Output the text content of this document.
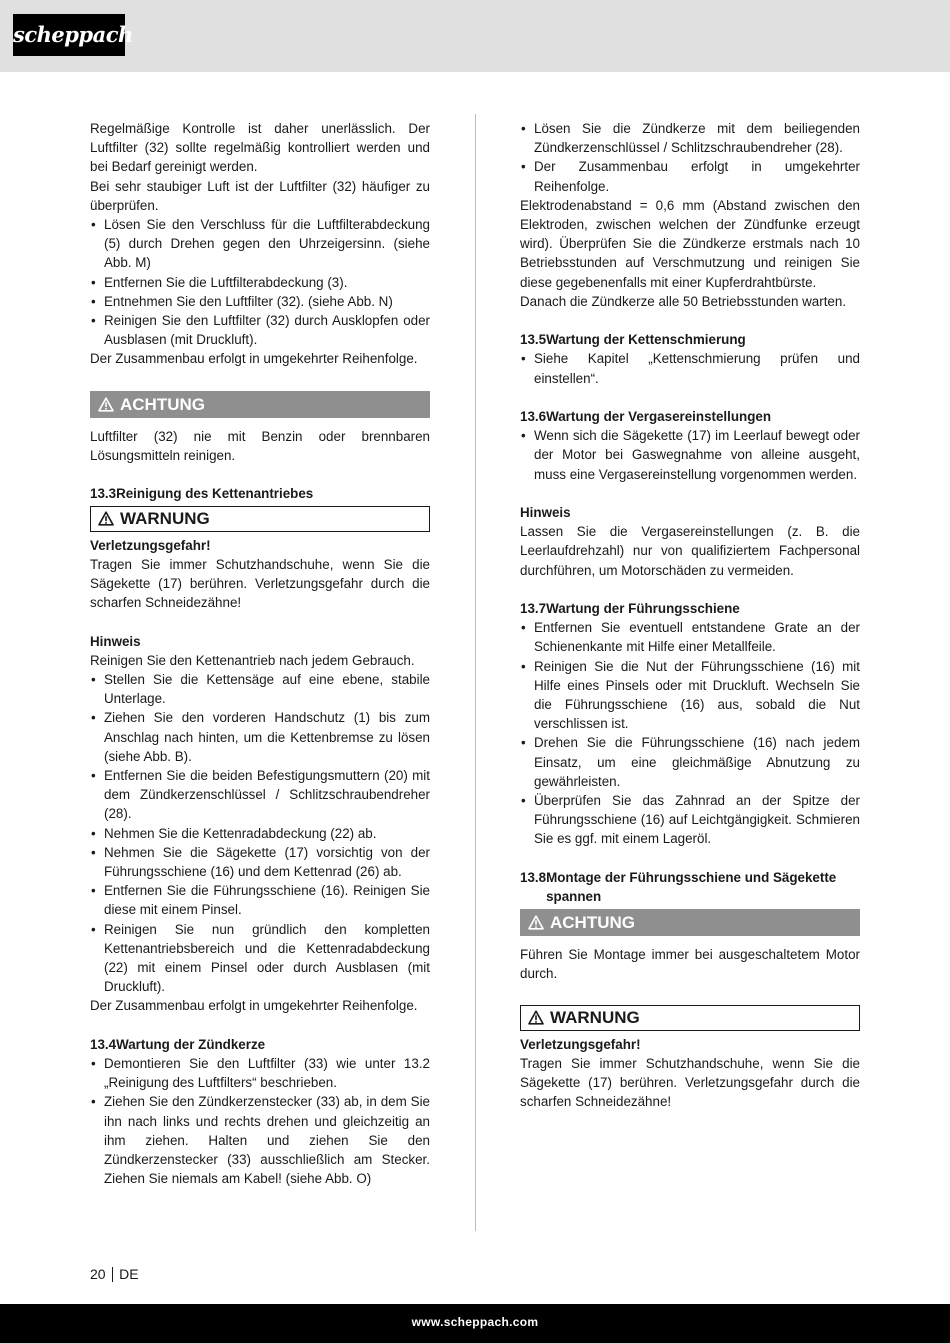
scheppach

Regelmäßige Kontrolle ist daher unerlässlich. Der Luftfilter (32) sollte regelmäßig kontrolliert werden und bei Bedarf gereinigt werden.

Bei sehr staubiger Luft ist der Luftfilter (32) häufiger zu überprüfen.

• Lösen Sie den Verschluss für die Luftfilterabdeckung (5) durch Drehen gegen den Uhrzeigersinn. (siehe Abb. M)
• Entfernen Sie die Luftfilterabdeckung (3).
• Entnehmen Sie den Luftfilter (32). (siehe Abb. N)
• Reinigen Sie den Luftfilter (32) durch Ausklopfen oder Ausblasen (mit Druckluft).

Der Zusammenbau erfolgt in umgekehrter Reihenfolge.

ACHTUNG

Luftfilter (32) nie mit Benzin oder brennbaren Lösungsmitteln reinigen.

13.3 Reinigung des Kettenantriebes
WARNUNG

Verletzungsgefahr!

Tragen Sie immer Schutzhandschuhe, wenn Sie die Sägekette (17) berühren. Verletzungsgefahr durch die scharfen Schneidezähne!

Hinweis

Reinigen Sie den Kettenantrieb nach jedem Gebrauch.

• Stellen Sie die Kettensäge auf eine ebene, stabile Unterlage.
• Ziehen Sie den vorderen Handschutz (1) bis zum Anschlag nach hinten, um die Kettenbremse zu lösen (siehe Abb. B).
• Entfernen Sie die beiden Befestigungsmuttern (20) mit dem Zündkerzenschlüssel / Schlitzschraubendreher (28).
• Nehmen Sie die Kettenradabdeckung (22) ab.
• Nehmen Sie die Sägekette (17) vorsichtig von der Führungsschiene (16) und dem Kettenrad (26) ab.
• Entfernen Sie die Führungsschiene (16). Reinigen Sie diese mit einem Pinsel.
• Reinigen Sie nun gründlich den kompletten Kettenantriebsbereich und die Kettenradabdeckung (22) mit einem Pinsel oder durch Ausblasen (mit Druckluft).

Der Zusammenbau erfolgt in umgekehrter Reihenfolge.

13.4 Wartung der Zündkerze
• Demontieren Sie den Luftfilter (33) wie unter 13.2 „Reinigung des Luftfilters“ beschrieben.
• Ziehen Sie den Zündkerzenstecker (33) ab, in dem Sie ihn nach links und rechts drehen und gleichzeitig an ihm ziehen. Halten und ziehen Sie den Zündkerzenstecker (33) ausschließlich am Stecker. Ziehen Sie niemals am Kabel! (siehe Abb. O)
• Lösen Sie die Zündkerze mit dem beiliegenden Zündkerzenschlüssel / Schlitzschraubendreher (28).
• Der Zusammenbau erfolgt in umgekehrter Reihenfolge.

Elektrodenabstand = 0,6 mm (Abstand zwischen den Elektroden, zwischen welchen der Zündfunke erzeugt wird). Überprüfen Sie die Zündkerze erstmals nach 10 Betriebsstunden auf Verschmutzung und reinigen Sie diese gegebenenfalls mit einer Kupferdrahtbürste.

Danach die Zündkerze alle 50 Betriebsstunden warten.

13.5 Wartung der Kettenschmierung
• Siehe Kapitel „Kettenschmierung prüfen und einstellen“.
13.6 Wartung der Vergasereinstellungen
• Wenn sich die Sägekette (17) im Leerlauf bewegt oder der Motor bei Gaswegnahme von alleine ausgeht, muss eine Vergasereinstellung vorgenommen werden.

Hinweis

Lassen Sie die Vergasereinstellungen (z. B. die Leerlaufdrehzahl) nur von qualifiziertem Fachpersonal durchführen, um Motorschäden zu vermeiden.

13.7 Wartung der Führungsschiene
• Entfernen Sie eventuell entstandene Grate an der Schienenkante mit Hilfe einer Metallfeile.
• Reinigen Sie die Nut der Führungsschiene (16) mit Hilfe eines Pinsels oder mit Druckluft. Wechseln Sie die Führungsschiene (16) aus, sobald die Nut verschlissen ist.
• Drehen Sie die Führungsschiene (16) nach jedem Einsatz, um eine gleichmäßige Abnutzung zu gewährleisten.
• Überprüfen Sie das Zahnrad an der Spitze der Führungsschiene (16) auf Leichtgängigkeit. Schmieren Sie es ggf. mit einem Lageröl.
13.8 Montage der Führungsschiene und Sägekette spannen
ACHTUNG

Führen Sie Montage immer bei ausgeschaltetem Motor durch.

WARNUNG

Verletzungsgefahr!

Tragen Sie immer Schutzhandschuhe, wenn Sie die Sägekette (17) berühren. Verletzungsgefahr durch die scharfen Schneidezähne!

20 DE
www.scheppach.com
